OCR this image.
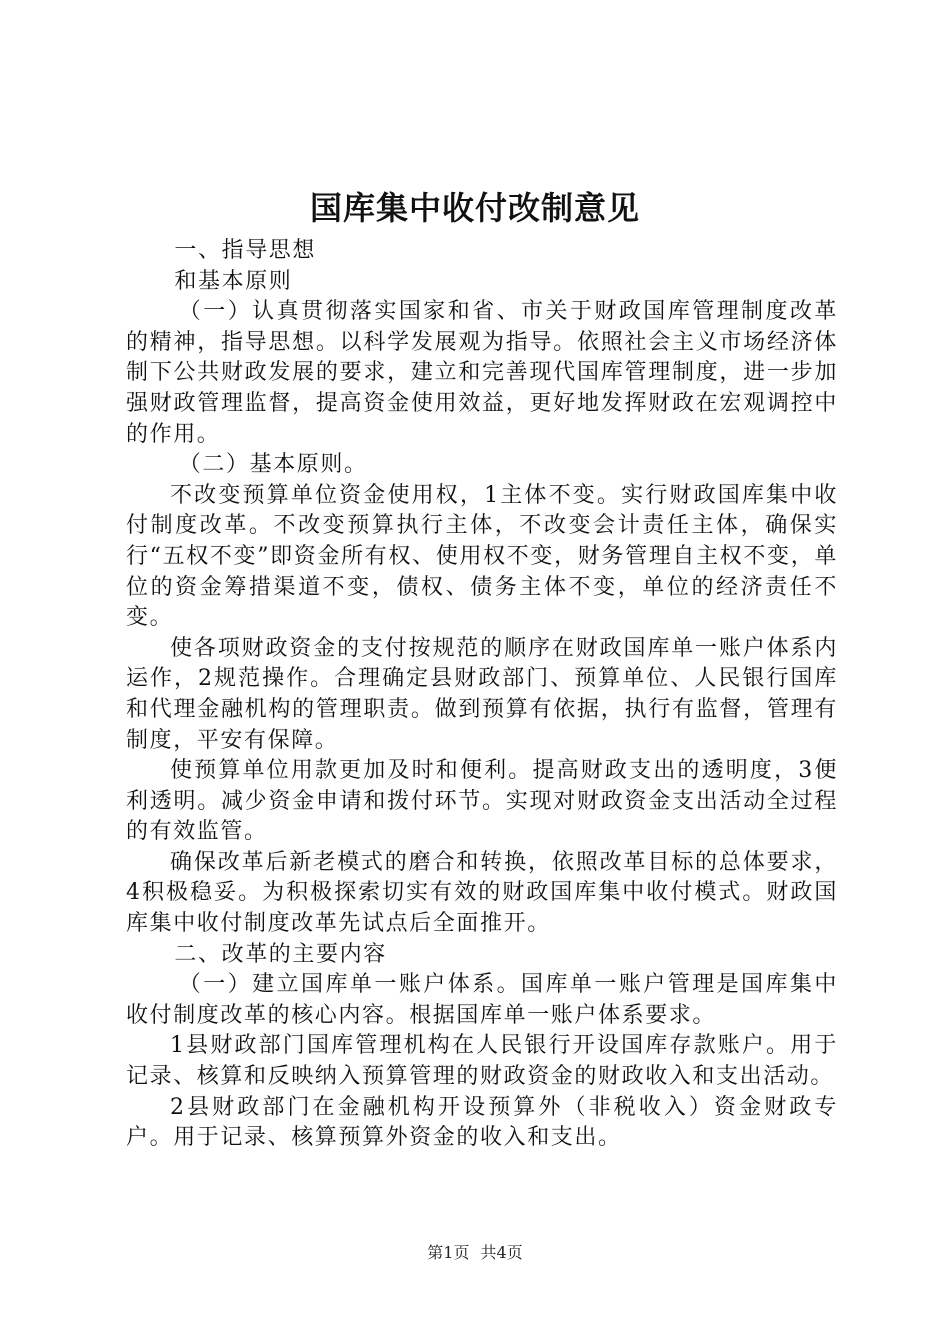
国库集中收付改制意见

一、指导思想

和基本原则

（一）认真贯彻落实国家和省、市关于财政国库管理制度改革的精神，指导思想。以科学发展观为指导。依照社会主义市场经济体制下公共财政发展的要求，建立和完善现代国库管理制度，进一步加强财政管理监督，提高资金使用效益，更好地发挥财政在宏观调控中的作用。

（二）基本原则。

不改变预算单位资金使用权，1主体不变。实行财政国库集中收付制度改革。不改变预算执行主体，不改变会计责任主体，确保实行“五权不变”即资金所有权、使用权不变，财务管理自主权不变，单位的资金筹措渠道不变，债权、债务主体不变，单位的经济责任不变。

使各项财政资金的支付按规范的顺序在财政国库单一账户体系内运作，2规范操作。合理确定县财政部门、预算单位、人民银行国库和代理金融机构的管理职责。做到预算有依据，执行有监督，管理有制度，平安有保障。

使预算单位用款更加及时和便利。提高财政支出的透明度，3便利透明。减少资金申请和拨付环节。实现对财政资金支出活动全过程的有效监管。

确保改革后新老模式的磨合和转换，依照改革目标的总体要求，4积极稳妥。为积极探索切实有效的财政国库集中收付模式。财政国库集中收付制度改革先试点后全面推开。

二、改革的主要内容

（一）建立国库单一账户体系。国库单一账户管理是国库集中收付制度改革的核心内容。根据国库单一账户体系要求。

1县财政部门国库管理机构在人民银行开设国库存款账户。用于记录、核算和反映纳入预算管理的财政资金的财政收入和支出活动。

2县财政部门在金融机构开设预算外（非税收入）资金财政专户。用于记录、核算预算外资金的收入和支出。

第1页 共4页
